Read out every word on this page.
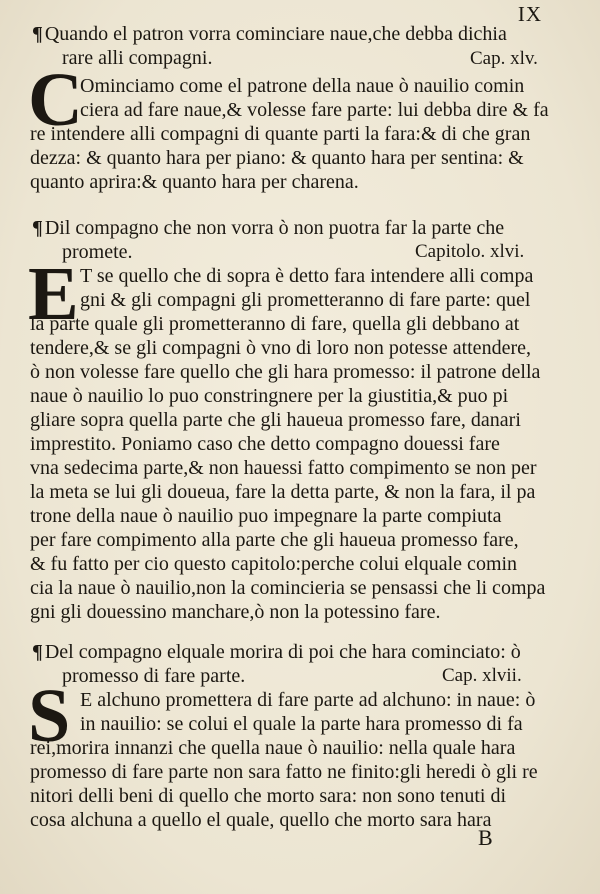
IX
¶ Quando el patron vorra cominciare naue,che debba dichia
rare alli compagni.	Cap. xlv.
C
Ominciamo come el patrone della naue ò nauilio comin
ciera ad fare naue,& volesse fare parte: lui debba dire & fa
re intendere alli compagni di quante parti la fara:& di che gran
dezza: & quanto hara per piano: & quanto hara per sentina: &
quanto aprira:& quanto hara per charena.
¶ Dil compagno che non vorra ò non puotra far la parte che
promete.	Capitolo. xlvi.
E T se quello che di sopra è detto fara intendere alli compa
gni & gli compagni gli prometteranno di fare parte: quel
la parte quale gli prometteranno di fare, quella gli debbano at
tendere,& se gli compagni ò vno di loro non potesse attendere,
ò non volesse fare quello che gli hara promesso: il patrone della
naue ò nauilio lo puo constringnere per la giustitia,& puo pi
gliare sopra quella parte che gli haueua promesso fare, danari
imprestito. Poniamo caso che detto compagno douessi fare
vna sedecima parte,& non hauessi fatto compimento se non per
la meta se lui gli doueua, fare la detta parte, & non la fara, il pa
trone della naue ò nauilio puo impegnare la parte compiuta
per fare compimento alla parte che gli haueua promesso fare,
& fu fatto per cio questo capitolo:perche colui elquale comin
cia la naue ò nauilio,non la comincieria se pensassi che li compa
gni gli douessino manchare,ò non la potessino fare.
¶ Del compagno elquale morira di poi che hara cominciato: ò
promesso di fare parte.	Cap. xlvii.
S E alchuno promettera di fare parte ad alchuno: in naue: ò
in nauilio: se colui el quale la parte hara promesso di fa
rei,morira innanzi che quella naue ò nauilio: nella quale hara
promesso di fare parte non sara fatto ne finito:gli heredi ò gli re
nitori delli beni di quello che morto sara: non sono tenuti di
cosa alchuna a quello el quale, quello che morto sara hara
B
